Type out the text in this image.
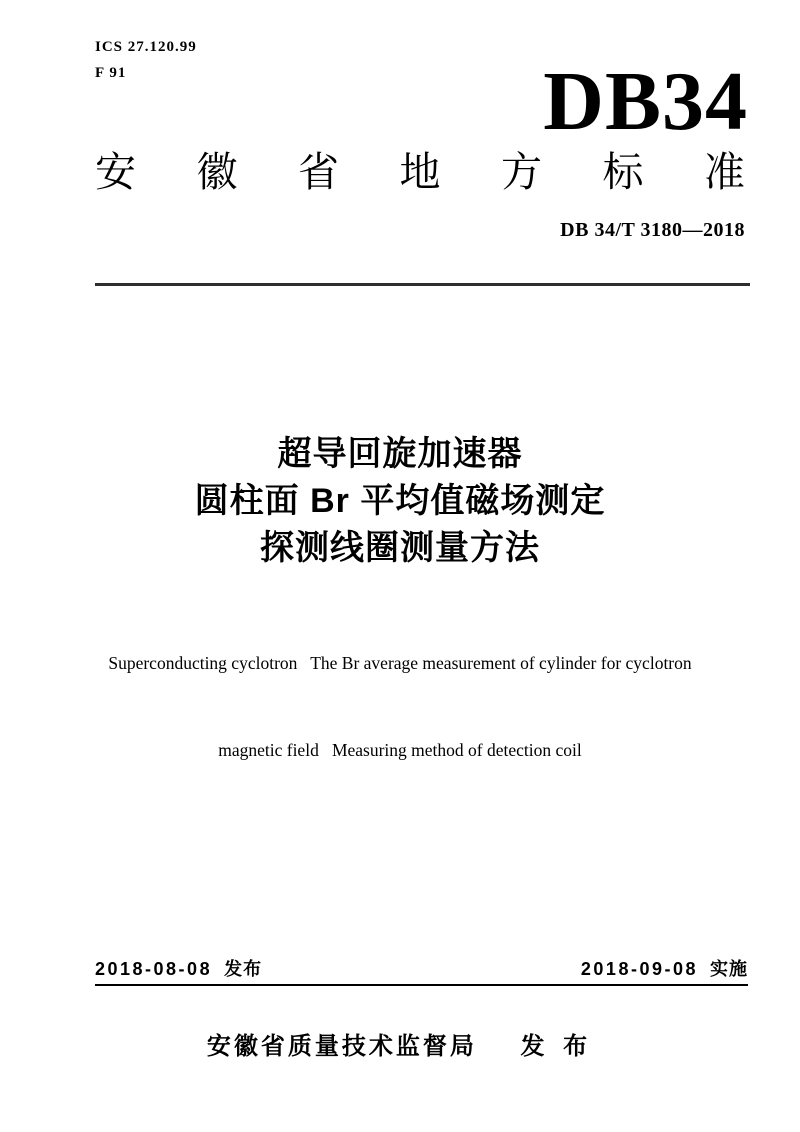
ICS 27.120.99
F 91	DB34
安 徽 省 地 方 标 准
DB 34/T 3180—2018
超导回旋加速器
圆柱面 Br 平均值磁场测定
探测线圈测量方法

Superconducting cyclotron   The Br average measurement of cylinder for cyclotron

magnetic field   Measuring method of detection coil

2018-08-08 发布	2018-09-08 实施
安徽省质量技术监督局 发 布
